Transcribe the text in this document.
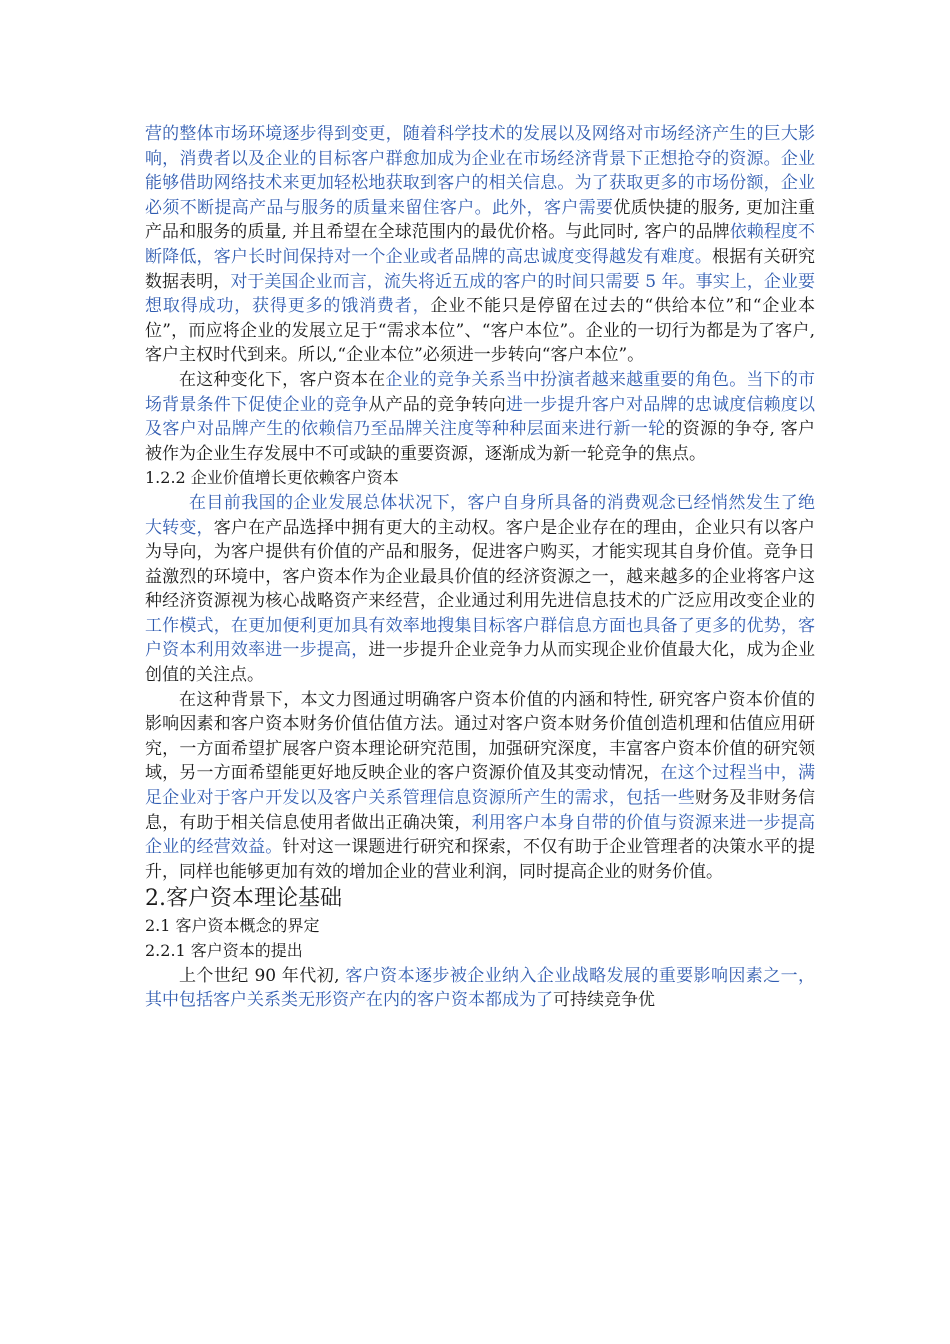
营的整体市场环境逐步得到变更，随着科学技术的发展以及网络对市场经济产生的巨大影响，消费者以及企业的目标客户群愈加成为企业在市场经济背景下正想抢夺的资源。企业能够借助网络技术来更加轻松地获取到客户的相关信息。为了获取更多的市场份额，企业必须不断提高产品与服务的质量来留住客户。此外，客户需要优质快捷的服务, 更加注重产品和服务的质量, 并且希望在全球范围内的最优价格。与此同时, 客户的品牌依赖程度不断降低，客户长时间保持对一个企业或者品牌的高忠诚度变得越发有难度。根据有关研究数据表明，对于美国企业而言，流失将近五成的客户的时间只需要 5 年。事实上，企业要想取得成功，获得更多的饿消费者，企业不能只是停留在过去的“供给本位”和“企业本位”，而应将企业的发展立足于“需求本位”、“客户本位”。企业的一切行为都是为了客户, 客户主权时代到来。所以,“企业本位”必须进一步转向“客户本位”。

在这种变化下，客户资本在企业的竞争关系当中扮演者越来越重要的角色。当下的市场背景条件下促使企业的竞争从产品的竞争转向进一步提升客户对品牌的忠诚度信赖度以及客户对品牌产生的依赖信乃至品牌关注度等种种层面来进行新一轮的资源的争夺, 客户被作为企业生存发展中不可或缺的重要资源，逐渐成为新一轮竞争的焦点。

1.2.2 企业价值增长更依赖客户资本

在目前我国的企业发展总体状况下，客户自身所具备的消费观念已经悄然发生了绝大转变，客户在产品选择中拥有更大的主动权。客户是企业存在的理由，企业只有以客户为导向，为客户提供有价值的产品和服务，促进客户购买，才能实现其自身价值。竞争日益激烈的环境中，客户资本作为企业最具价值的经济资源之一，越来越多的企业将客户这种经济资源视为核心战略资产来经营，企业通过利用先进信息技术的广泛应用改变企业的工作模式，在更加便利更加具有效率地搜集目标客户群信息方面也具备了更多的优势，客户资本利用效率进一步提高，进一步提升企业竞争力从而实现企业价值最大化，成为企业创值的关注点。

在这种背景下，本文力图通过明确客户资本价值的内涵和特性, 研究客户资本价值的影响因素和客户资本财务价值估值方法。通过对客户资本财务价值创造机理和估值应用研究，一方面希望扩展客户资本理论研究范围，加强研究深度，丰富客户资本价值的研究领域，另一方面希望能更好地反映企业的客户资源价值及其变动情况，在这个过程当中，满足企业对于客户开发以及客户关系管理信息资源所产生的需求，包括一些财务及非财务信息，有助于相关信息使用者做出正确决策，利用客户本身自带的价值与资源来进一步提高企业的经营效益。针对这一课题进行研究和探索，不仅有助于企业管理者的决策水平的提升，同样也能够更加有效的增加企业的营业利润，同时提高企业的财务价值。

2.客户资本理论基础

2.1 客户资本概念的界定

2.2.1 客户资本的提出

上个世纪 90 年代初, 客户资本逐步被企业纳入企业战略发展的重要影响因素之一，其中包括客户关系类无形资产在内的客户资本都成为了可持续竞争优
